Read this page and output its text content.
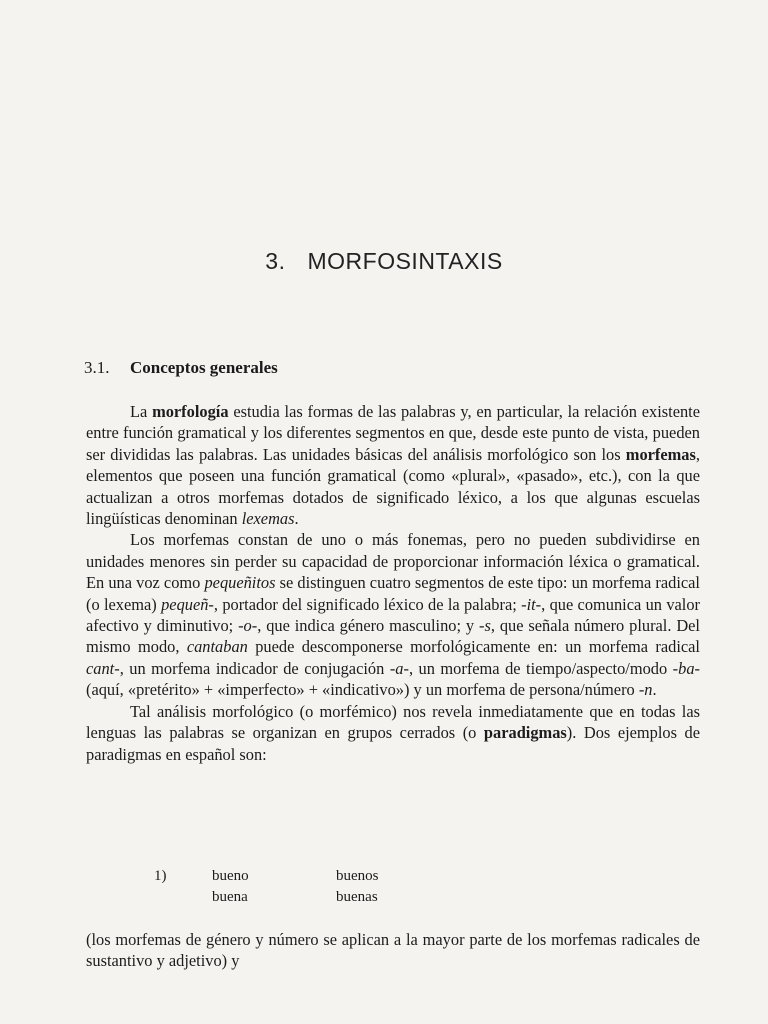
3. MORFOSINTAXIS
3.1. Conceptos generales

La morfología estudia las formas de las palabras y, en particular, la relación existente entre función gramatical y los diferentes segmentos en que, desde este punto de vista, pueden ser divididas las palabras. Las unidades básicas del análisis morfológico son los morfemas, elementos que poseen una función gramatical (como «plural», «pasado», etc.), con la que actualizan a otros morfemas dotados de significado léxico, a los que algunas escuelas lingüísticas denominan lexemas.

Los morfemas constan de uno o más fonemas, pero no pueden subdividirse en unidades menores sin perder su capacidad de proporcionar información léxica o gramatical. En una voz como pequeñitos se distinguen cuatro segmentos de este tipo: un morfema radical (o lexema) pequeñ-, portador del significado léxico de la palabra; -it-, que comunica un valor afectivo y diminutivo; -o-, que indica género masculino; y -s, que señala número plural. Del mismo modo, cantaban puede descomponerse morfológicamente en: un morfema radical cant-, un morfema indicador de conjugación -a-, un morfema de tiempo/aspecto/modo -ba- (aquí, «pretérito» + «imperfecto» + «indicativo») y un morfema de persona/número -n.

Tal análisis morfológico (o morfémico) nos revela inmediatamente que en todas las lenguas las palabras se organizan en grupos cerrados (o paradigmas). Dos ejemplos de paradigmas en español son:

1)	bueno	buenos
	buena	buenas

(los morfemas de género y número se aplican a la mayor parte de los morfemas radicales de sustantivo y adjetivo) y
